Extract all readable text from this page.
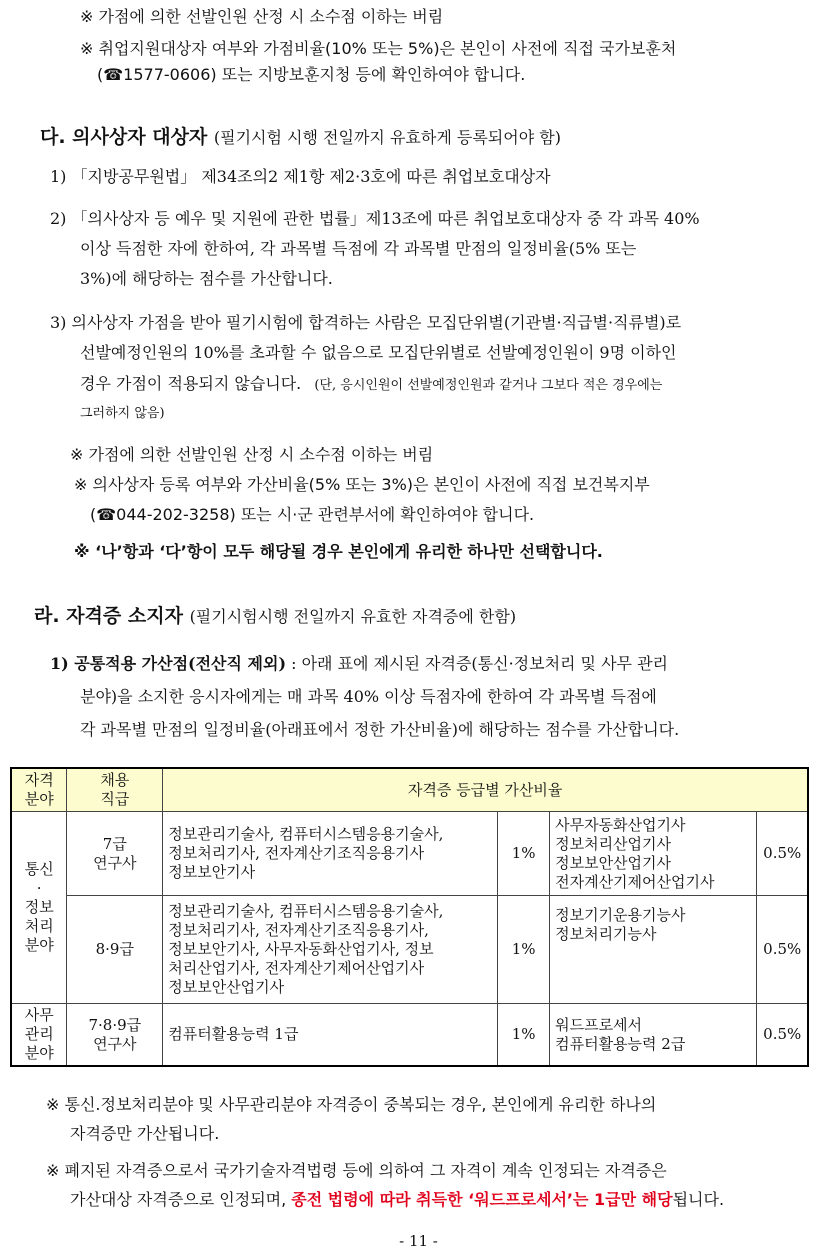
※ 가점에 의한 선발인원 산정 시 소수점 이하는 버림
※ 취업지원대상자 여부와 가점비율(10% 또는 5%)은 본인이 사전에 직접 국가보훈처
(☎1577-0606) 또는 지방보훈지청 등에 확인하여야 합니다.
다. 의사상자 대상자 (필기시험 시행 전일까지 유효하게 등록되어야 함)
1) 「지방공무원법」 제34조의2 제1항 제2·3호에 따른 취업보호대상자
2) 「의사상자 등 예우 및 지원에 관한 법률」제13조에 따른 취업보호대상자 중 각 과목 40%
이상 득점한 자에 한하여, 각 과목별 득점에 각 과목별 만점의 일정비율(5% 또는
3%)에 해당하는 점수를 가산합니다.
3) 의사상자 가점을 받아 필기시험에 합격하는 사람은 모집단위별(기관별·직급별·직류별)로
선발예정인원의 10%를 초과할 수 없음으로 모집단위별로 선발예정인원이 9명 이하인
경우 가점이 적용되지 않습니다. (단, 응시인원이 선발예정인원과 같거나 그보다 적은 경우에는
그러하지 않음)
※ 가점에 의한 선발인원 산정 시 소수점 이하는 버림
※ 의사상자 등록 여부와 가산비율(5% 또는 3%)은 본인이 사전에 직접 보건복지부
(☎044-202-3258) 또는 시·군 관련부서에 확인하여야 합니다.
※ ‘나’항과 ‘다’항이 모두 해당될 경우 본인에게 유리한 하나만 선택합니다.
라. 자격증 소지자 (필기시험시행 전일까지 유효한 자격증에 한함)
1) 공통적용 가산점(전산직 제외) : 아래 표에 제시된 자격증(통신·정보처리 및 사무 관리
분야)을 소지한 응시자에게는 매 과목 40% 이상 득점자에 한하여 각 과목별 득점에
각 과목별 만점의 일정비율(아래표에서 정한 가산비율)에 해당하는 점수를 가산합니다.
자격
분야	채용
직급	자격증 등급별 가산비율			
통신
·
정보
처리
분야	7급
연구사	정보관리기술사, 컴퓨터시스템응용기술사,
정보처리기사, 전자계산기조직응용기사
정보보안기사	1%	사무자동화산업기사
정보처리산업기사
정보보안산업기사
전자계산기제어산업기사	0.5%
	8·9급	정보관리기술사, 컴퓨터시스템응용기술사,
정보처리기사, 전자계산기조직응용기사,
정보보안기사, 사무자동화산업기사, 정보
처리산업기사, 전자계산기제어산업기사
정보보안산업기사	1%	정보기기운용기능사
정보처리기능사	0.5%
사무
관리
분야	7·8·9급
연구사	컴퓨터활용능력 1급	1%	워드프로세서
컴퓨터활용능력 2급	0.5%
※ 통신.정보처리분야 및 사무관리분야 자격증이 중복되는 경우, 본인에게 유리한 하나의
자격증만 가산됩니다.
※ 폐지된 자격증으로서 국가기술자격법령 등에 의하여 그 자격이 계속 인정되는 자격증은
가산대상 자격증으로 인정되며, 종전 법령에 따라 취득한 ‘워드프로세서’는 1급만 해당됩니다.
- 11 -
